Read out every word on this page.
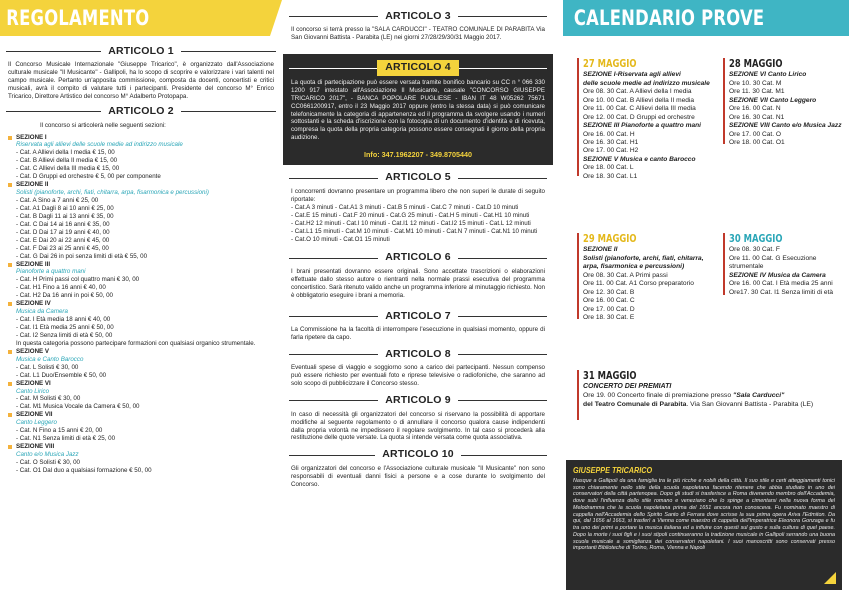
REGOLAMENTO
ARTICOLO 1

Il Concorso Musicale Internazionale "Giuseppe Tricarico", è organizzato dall'Associazione culturale musicale "Il Musicante" - Gallipoli, ha lo scopo di scoprire e valorizzare i vari talenti nel campo musicale. Pertanto un'apposita commissione, composta da docenti, concertisti e critici musicali, avrà il compito di valutare tutti i partecipanti. Presidente del concorso M° Enrico Tricarico, Direttore Artistico del concorso M° Adalberto Protopapa.

ARTICOLO 2

Il concorso si articolerà nelle seguenti sezioni:

SEZIONE I
Riservata agli allievi delle scuole medie ad indirizzo musicale
- Cat. A Allievi della I media € 15, 00
- Cat. B Allievi della II media € 15, 00
- Cat. C Allievi della III media € 15, 00
- Cat. D Gruppi ed orchestre € 5, 00 per componente
SEZIONE II
Solisti (pianoforte, archi, fiati, chitarra, arpa, fisarmonica e percussioni)
- Cat. A Sino a 7 anni € 25, 00
- Cat. A1 Dagli 8 ai 10 anni € 25, 00
- Cat. B Dagli 11 ai 13 anni € 35, 00
- Cat. C Dai 14 ai 16 anni € 35, 00
- Cat. D Dai 17 ai 19 anni € 40, 00
- Cat. E Dai 20 ai 22 anni € 45, 00
- Cat. F Dai 23 ai 25 anni € 45, 00
- Cat. G Dai 26 in poi senza limiti di età € 55, 00
SEZIONE III
Pianoforte a quattro mani
- Cat. H Primi passi col quattro mani € 30, 00
- Cat. H1 Fino a 16 anni € 40, 00
- Cat. H2 Da 16 anni in poi € 50, 00
SEZIONE IV
Musica da Camera
- Cat. I Età media 18 anni € 40, 00
- Cat. I1 Età media 25 anni € 50, 00
- Cat. I2 Senza limiti di età € 50, 00
In questa categoria possono partecipare formazioni con qualsiasi organico strumentale.
SEZIONE V
Musica e Canto Barocco
- Cat. L Solisti € 30, 00
- Cat. L1 Duo/Ensemble € 50, 00
SEZIONE VI
Canto Lirico
- Cat. M Solisti € 30, 00
- Cat. M1 Musica Vocale da Camera € 50, 00
SEZIONE VII
Canto Leggero
- Cat. N Fino a 15 anni € 20, 00
- Cat. N1 Senza limiti di età € 25, 00
SEZIONE VIII
Canto e/o Musica Jazz
- Cat. O Solisti € 30, 00
- Cat. O1 Dal duo a qualsiasi formazione € 50, 00
ARTICOLO 3

Il concorso si terrà presso la "SALA CARDUCCI" - TEATRO COMUNALE DI PARABITA Via San Giovanni Battista - Parabita (LE) nei giorni 27/28/29/30/31 Maggio 2017.

ARTICOLO 4

La quota di partecipazione può essere versata tramite bonifico bancario su CC n ° 066 330 1200 917 intestato all'Associazione Il Musicante, causale "CONCORSO GIUSEPPE TRICARICO 2017", - BANCA POPOLARE PUGLIESE - IBAN IT 48 W05262 75671 CC0661200917, entro il 23 Maggio 2017 oppure (entro la stessa data) si può comunicare telefonicamente la categoria di appartenenza ed il programma da svolgere usando i numeri sottostanti e la scheda d'iscrizione con la fotocopia di un documento d'identità e di ricevuta, compresa la quota della propria categoria possono essere consegnati il giorno della propria audizione.

Info: 347.1962207 - 349.8705440

ARTICOLO 5

I concorrenti dovranno presentare un programma libero che non superi le durate di seguito riportate:

- Cat.A 3 minuti - Cat.A1 3 minuti - Cat.B 5 minuti - Cat.C 7 minuti - Cat.D 10 minuti
- Cat.E 15 minuti - Cat.F 20 minuti - Cat.G 25 minuti - Cat.H 5 minuti - Cat.H1 10 minuti
- Cat.H2 12 minuti - Cat.I 10 minuti - Cat.I1 12 minuti - Cat.I2 15 minuti - Cat.L 12 minuti
- Cat.L1 15 minuti - Cat.M 10 minuti - Cat.M1 10 minuti - Cat.N 7 minuti - Cat.N1 10 minuti
- Cat.O 10 minuti - Cat.O1 15 minuti
ARTICOLO 6

I brani presentati dovranno essere originali. Sono accettate trascrizioni o elaborazioni effettuate dallo stesso autore o rientranti nella normale prassi esecutiva del programma concertistico. Sarà ritenuto valido anche un programma inferiore al minutaggio richiesto. Non è obbligatorio eseguire i brani a memoria.

ARTICOLO 7

La Commissione ha la facoltà di interrompere l'esecuzione in qualsiasi momento, oppure di farla ripetere da capo.

ARTICOLO 8

Eventuali spese di viaggio e soggiorno sono a carico dei partecipanti. Nessun compenso può essere richiesto per eventuali foto e riprese televisive o radiofoniche, che saranno ad solo scopo di pubblicizzare il Concorso stesso.

ARTICOLO 9

In caso di necessità gli organizzatori del concorso si riservano la possibilità di apportare modifiche al seguente regolamento o di annullare il concorso qualora cause indipendenti dalla propria volontà ne impedissero il regolare svolgimento. In tal caso si procederà alla restituzione delle quote versate. La quota si intende versata come quota associativa.

ARTICOLO 10

Gli organizzatori del concorso e l'Associazione culturale musicale "Il Musicante" non sono responsabili di eventuali danni fisici a persone e a cose durante lo svolgimento del Concorso.

CALENDARIO PROVE
27 MAGGIO
SEZIONE I-Riservata agli allievi
delle scuole medie ad indirizzo musicale
Ore 08. 30 Cat. A Allievi della I media
Ore 10. 00 Cat. B Allievi della II media
Ore 11. 00 Cat. C Allievi della III media
Ore 12. 00 Cat. D Gruppi ed orchestre
SEZIONE III Pianoforte a quattro mani
Ore 16. 00 Cat. H
Ore 16. 30 Cat. H1
Ore 17. 00 Cat. H2
SEZIONE V Musica e canto Barocco
Ore 18. 00 Cat. L
Ore 18. 30 Cat. L1
28 MAGGIO
SEZIONE VI Canto Lirico
Ore 10. 30 Cat. M
Ore 11. 30 Cat. M1
SEZIONE VII Canto Leggero
Ore 16. 00 Cat. N
Ore 16. 30 Cat. N1
SEZIONE VIII Canto e/o Musica Jazz
Ore 17. 00 Cat. O
Ore 18. 00 Cat. O1
29 MAGGIO
SEZIONE II
Solisti (pianoforte, archi, fiati, chitarra,
arpa, fisarmonica e percussioni)
Ore 08. 30 Cat. A Primi passi
Ore 11. 00 Cat. A1 Corso preparatorio
Ore 12. 30 Cat. B
Ore 16. 00 Cat. C
Ore 17. 00 Cat. D
Ore 18. 30 Cat. E
30 MAGGIO
Ore 08. 30 Cat. F
Ore 11. 00 Cat. G Esecuzione
strumentale
SEZIONE IV Musica da Camera
Ore 16. 00 Cat. I Età media 25 anni
Ore17. 30 Cat. I1 Senza limiti di età
31 MAGGIO
CONCERTO DEI PREMIATI
Ore 19. 00 Concerto finale di premiazione presso "Sala Carducci"
del Teatro Comunale di Parabita. Via San Giovanni Battista - Parabita (LE)
GIUSEPPE TRICARICO
Nasque a Gallipoli da una famiglia tra le più ricche e nobili della città. Il suo stile e certi atteggiamenti tonici sono chiaramente nello stile della scuola napoletana facendo ritenere che abbia studiato in uno dei conservatori della città partenopea. Dopo gli studi si trasferisce a Roma divenendo membro dell'Accademia, dove subì l'influenza dello stile romano e veneziano che lo spinge a cimentarsi nella nuova forma del Melodramma che la scuola napoletana prima del 1651 ancora non conosceva. Fu nominato maestro di cappella nell'Accademia dello Spirito Santo di Ferrara dove scrisse la sua prima opera Ariva l'Edmiton. Da qui, dal 1656 al 1663, si trasferì a Vienna come maestro di cappella dell'Imperatrice Eleonora Gonzaga e fu tra uno dei primi a portare la musica italiana ed a influire con questi sul gusto e sulla cultura di quel paese. Dopo la morte i suoi figli e i suoi stipoli continueranno la tradizione musicale in Gallipoli serrando una buona scuola musicale a somiglianza dei conservatori napoletani. I suoi manoscritti sono conservati presso importanti Biblioteche di Torino, Roma, Vienna e Napoli
